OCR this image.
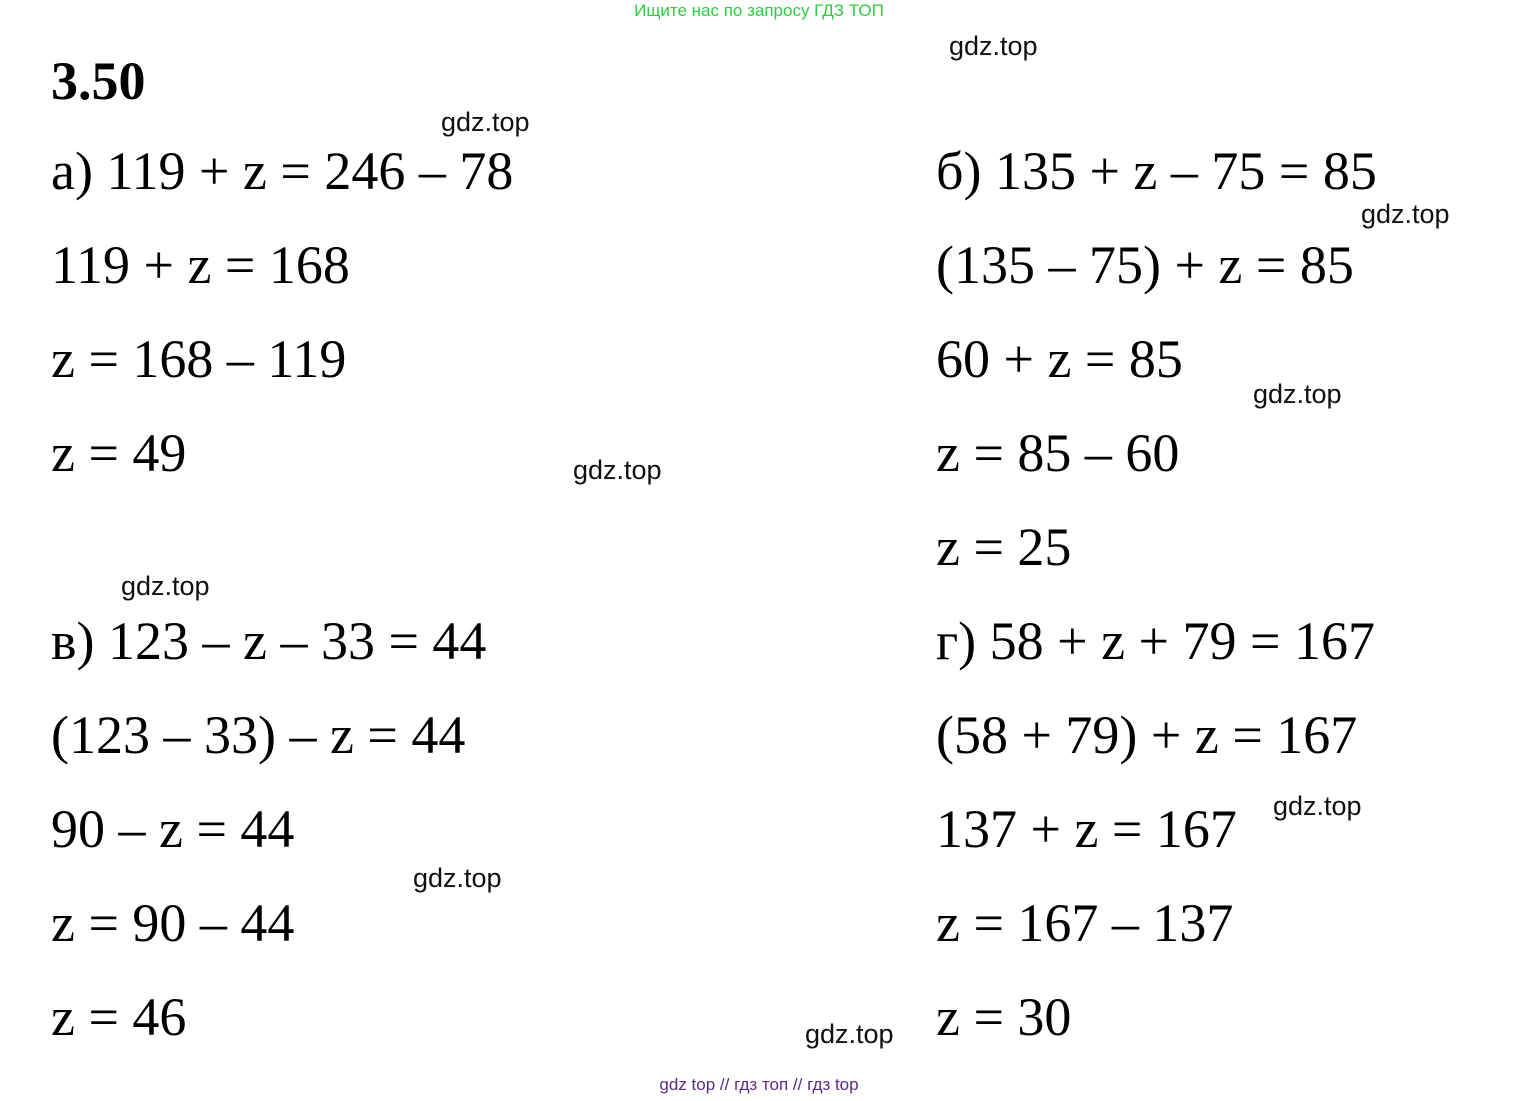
Ищите нас по запросу ГДЗ ТОП
3.50
а) 119 + z = 246 – 78
119 + z = 168
z = 168 – 119
z = 49
б) 135 + z – 75 = 85
(135 – 75) + z = 85
60 + z = 85
z = 85 – 60
z = 25
в) 123 – z – 33 = 44
(123 – 33) – z = 44
90 – z = 44
z = 90 – 44
z = 46
г) 58 + z + 79 = 167
(58 + 79) + z = 167
137 + z = 167
z = 167 – 137
z = 30
gdz.top
gdz.top
gdz.top
gdz.top
gdz.top
gdz.top
gdz.top
gdz.top
gdz.top
gdz top // гдз топ // гдз top
